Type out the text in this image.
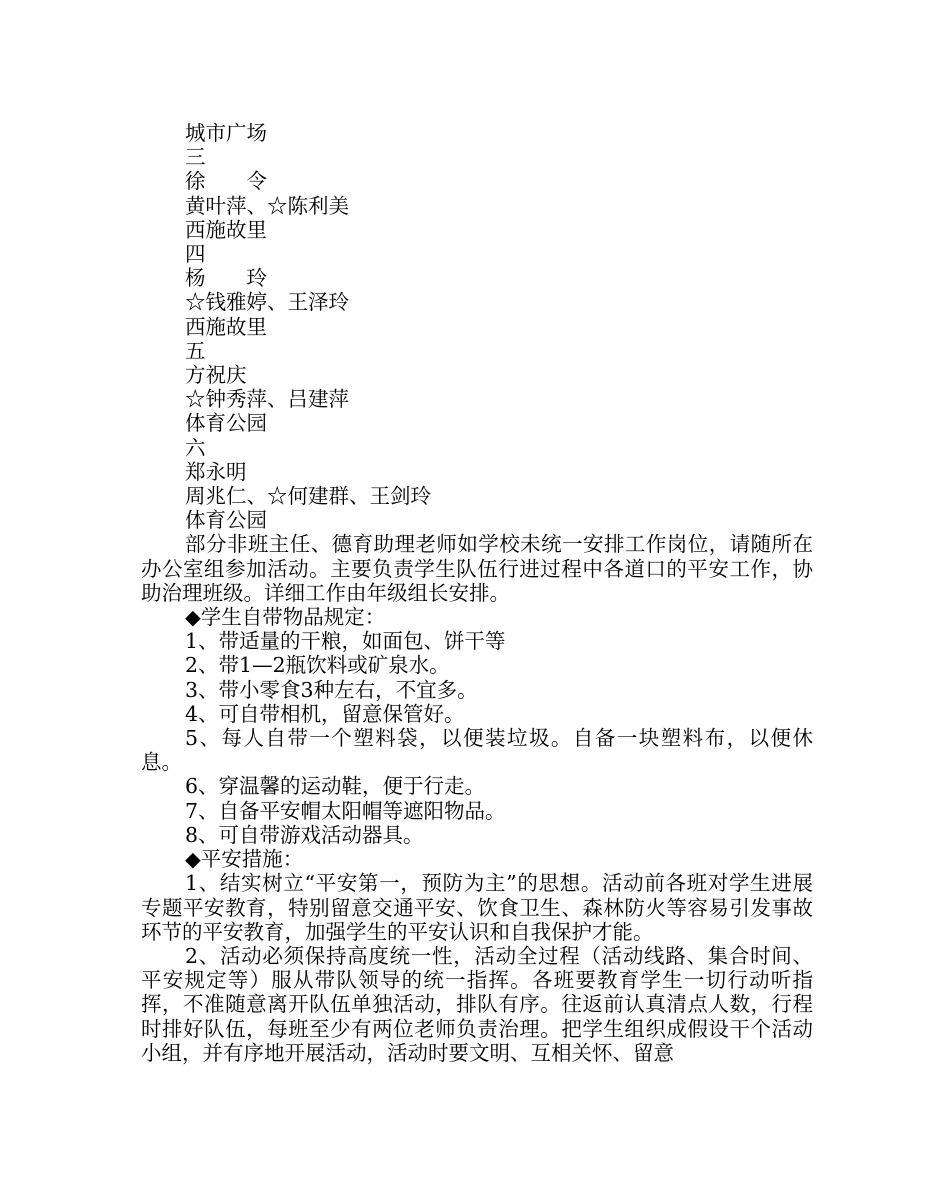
城市广场
三
徐　　令
黄叶萍、☆陈利美
西施故里
四
杨　　玲
☆钱雅婷、王泽玲
西施故里
五
方祝庆
☆钟秀萍、吕建萍
体育公园
六
郑永明
周兆仁、☆何建群、王剑玲
体育公园
部分非班主任、德育助理老师如学校未统一安排工作岗位，请随所在办公室组参加活动。主要负责学生队伍行进过程中各道口的平安工作，协助治理班级。详细工作由年级组长安排。
◆学生自带物品规定：
1、带适量的干粮，如面包、饼干等
2、带1—2瓶饮料或矿泉水。
3、带小零食3种左右，不宜多。
4、可自带相机，留意保管好。
5、每人自带一个塑料袋，以便装垃圾。自备一块塑料布，以便休息。
6、穿温馨的运动鞋，便于行走。
7、自备平安帽太阳帽等遮阳物品。
8、可自带游戏活动器具。
◆平安措施：
1、结实树立“平安第一，预防为主”的思想。活动前各班对学生进展专题平安教育，特别留意交通平安、饮食卫生、森林防火等容易引发事故环节的平安教育，加强学生的平安认识和自我保护才能。
2、活动必须保持高度统一性，活动全过程（活动线路、集合时间、平安规定等）服从带队领导的统一指挥。各班要教育学生一切行动听指挥，不准随意离开队伍单独活动，排队有序。往返前认真清点人数，行程时排好队伍，每班至少有两位老师负责治理。把学生组织成假设干个活动小组，并有序地开展活动，活动时要文明、互相关怀、留意
